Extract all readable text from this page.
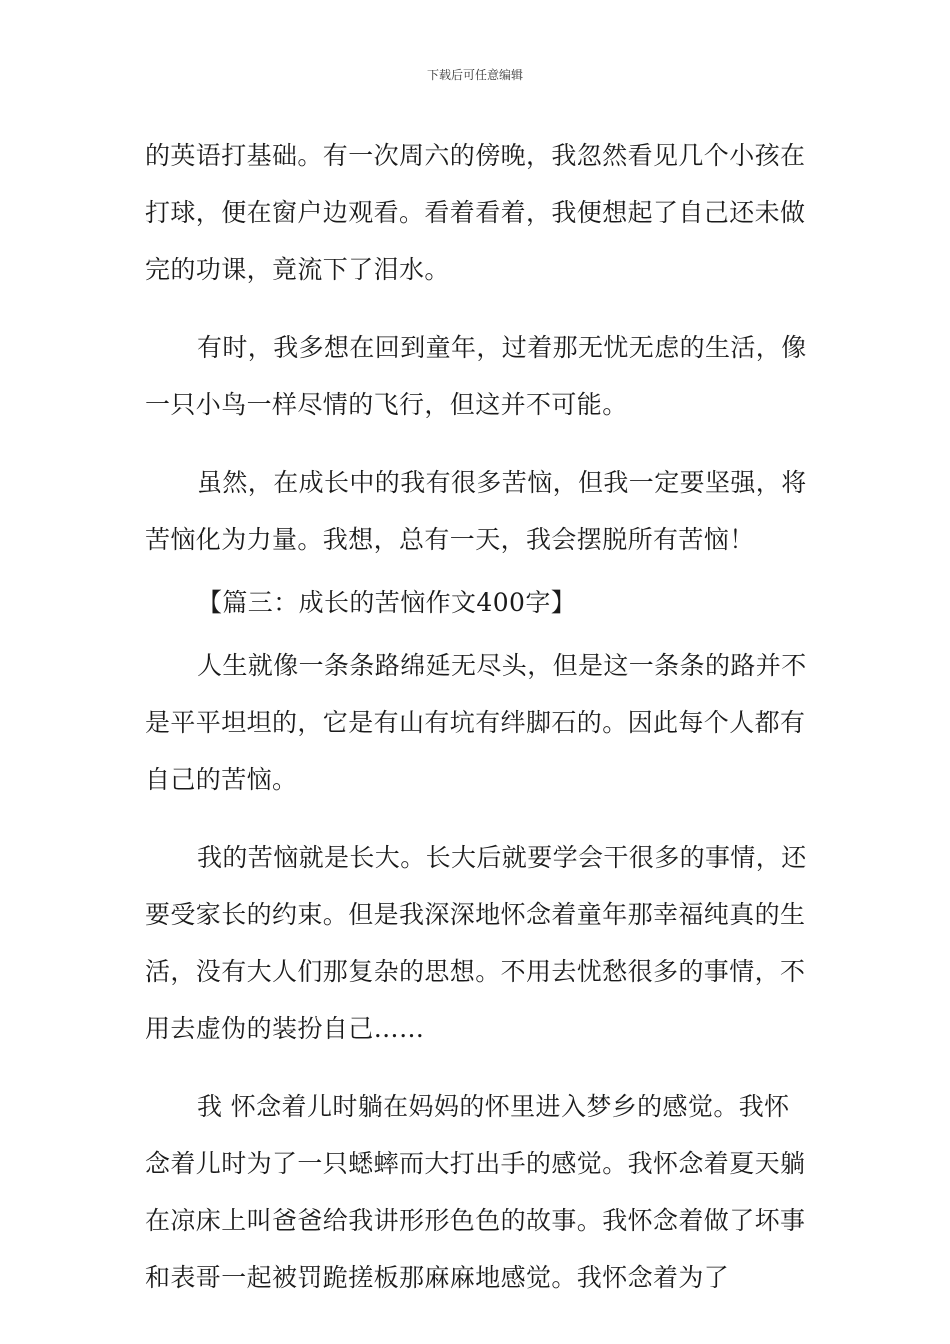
下载后可任意编辑

的英语打基础。有一次周六的傍晚，我忽然看见几个小孩在打球，便在窗户边观看。看着看着，我便想起了自己还未做完的功课，竟流下了泪水。

有时，我多想在回到童年，过着那无忧无虑的生活，像一只小鸟一样尽情的飞行，但这并不可能。

虽然，在成长中的我有很多苦恼，但我一定要坚强，将苦恼化为力量。我想，总有一天，我会摆脱所有苦恼！

【篇三：成长的苦恼作文400字】

人生就像一条条路绵延无尽头，但是这一条条的路并不是平平坦坦的，它是有山有坑有绊脚石的。因此每个人都有自己的苦恼。

我的苦恼就是长大。长大后就要学会干很多的事情，还要受家长的约束。但是我深深地怀念着童年那幸福纯真的生活，没有大人们那复杂的思想。不用去忧愁很多的事情，不用去虚伪的装扮自己……

我 怀念着儿时躺在妈妈的怀里进入梦乡的感觉。我怀念着儿时为了一只蟋蟀而大打出手的感觉。我怀念着夏天躺在凉床上叫爸爸给我讲形形色色的故事。我怀念着做了坏事和表哥一起被罚跪搓板那麻麻地感觉。我怀念着为了
